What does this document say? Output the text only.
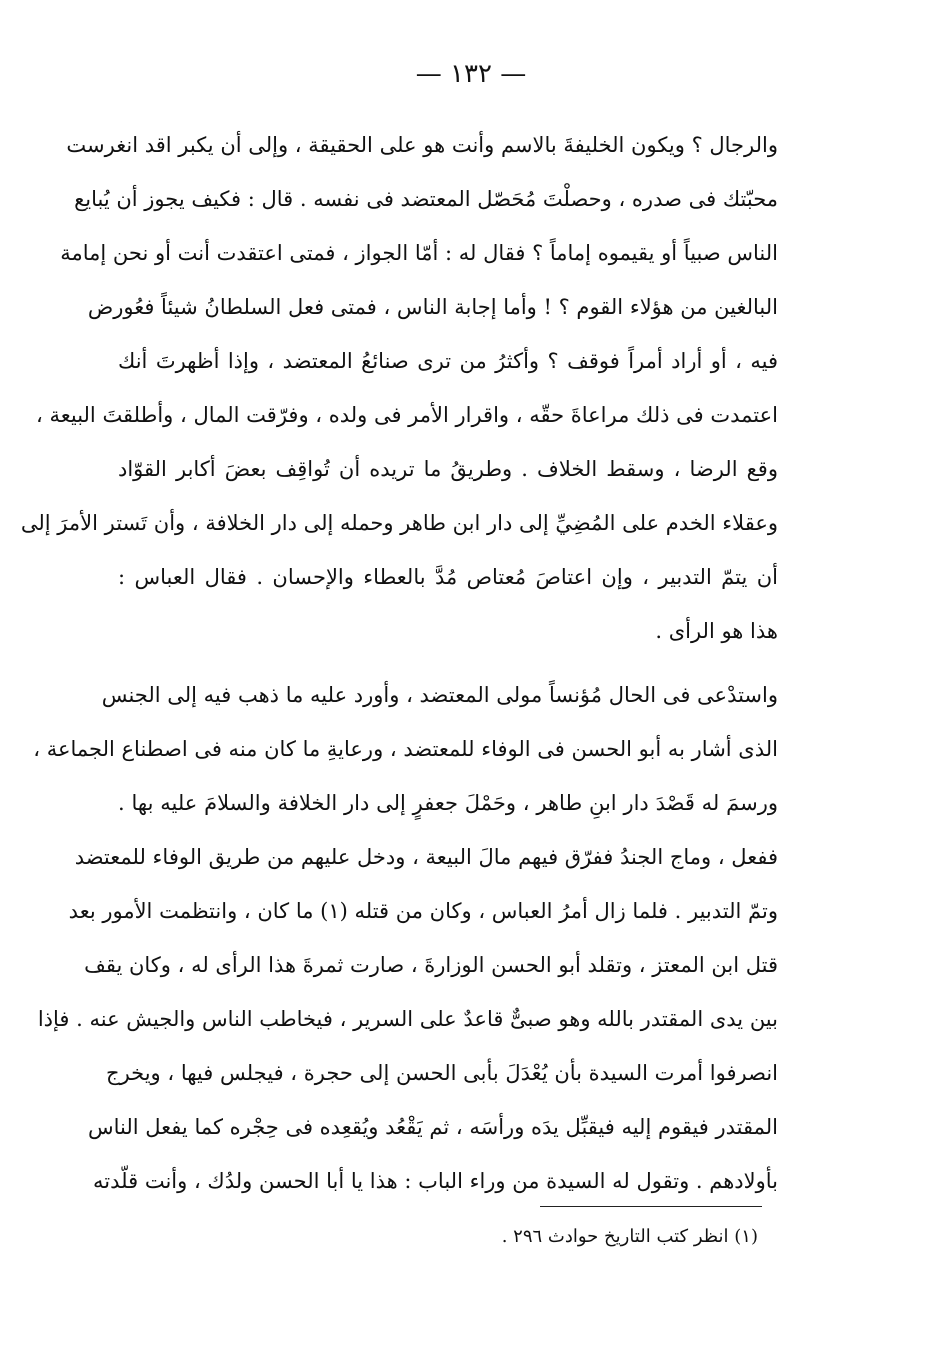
— ١٣٢ —
والرجال ؟ ويكون الخليفةَ بالاسم وأنت هو على الحقيقة ، وإلى أن يكبر اقد انغرست
محبّتك فى صدره ، وحصلْتَ مُحَصّل المعتضد فى نفسه . قال : فكيف يجوز أن يُبايع
الناس صبياً أو يقيموه إماماً ؟ فقال له : أمّا الجواز ، فمتى اعتقدت أنت أو نحن إمامة
البالغين من هؤلاء القوم ؟ ! وأما إجابة الناس ، فمتى فعل السلطانُ شيئاً فعُورض
فيه ، أو أراد أمراً فوقف ؟ وأكثرُ من ترى صنائعُ المعتضد ، وإذا أظهرتَ أنك
اعتمدت فى ذلك مراعاةَ حقّه ، واقرار الأمر فى ولده ، وفرّقت المال ، وأطلقتَ البيعة ،
وقع الرضا ، وسقط الخلاف . وطريقُ ما تريده أن تُواقِف بعضَ أكابر القوّاد
وعقلاء الخدم على المُضِيِّ إلى دار ابن طاهر وحمله إلى دار الخلافة ، وأن تَستر الأمرَ إلى
أن يتمّ التدبير ، وإن اعتاصَ مُعتاص مُدَّ بالعطاء والإحسان . فقال العباس :
هذا هو الرأى .
واستدْعى فى الحال مُؤنساً مولى المعتضد ، وأورد عليه ما ذهب فيه إلى الجنس
الذى أشار به أبو الحسن فى الوفاء للمعتضد ، ورعايةِ ما كان منه فى اصطناع الجماعة ،
ورسمَ له قَصْدَ دار ابنِ طاهر ، وحَمْلَ جعفرٍ إلى دار الخلافة والسلامَ عليه بها .
ففعل ، وماج الجندُ ففرّق فيهم مالَ البيعة ، ودخل عليهم من طريق الوفاء للمعتضد
وتمّ التدبير . فلما زال أمرُ العباس ، وكان من قتله (١) ما كان ، وانتظمت الأمور بعد
قتل ابن المعتز ، وتقلد أبو الحسن الوزارةَ ، صارت ثمرةَ هذا الرأى له ، وكان يقف
بين يدى المقتدر بالله وهو صبىٌّ قاعدٌ على السرير ، فيخاطب الناس والجيش عنه . فإذا
انصرفوا أمرت السيدة بأن يُعْدَلَ بأبى الحسن إلى حجرة ، فيجلس فيها ، ويخرج
المقتدر فيقوم إليه فيقبِّل يدَه ورأسَه ، ثم يَقْعُد ويُقعِده فى حِجْره كما يفعل الناس
بأولادهم . وتقول له السيدة من وراء الباب : هذا يا أبا الحسن ولدُك ، وأنت قلّدته
(١) انظر كتب التاريخ حوادث ٢٩٦ .
